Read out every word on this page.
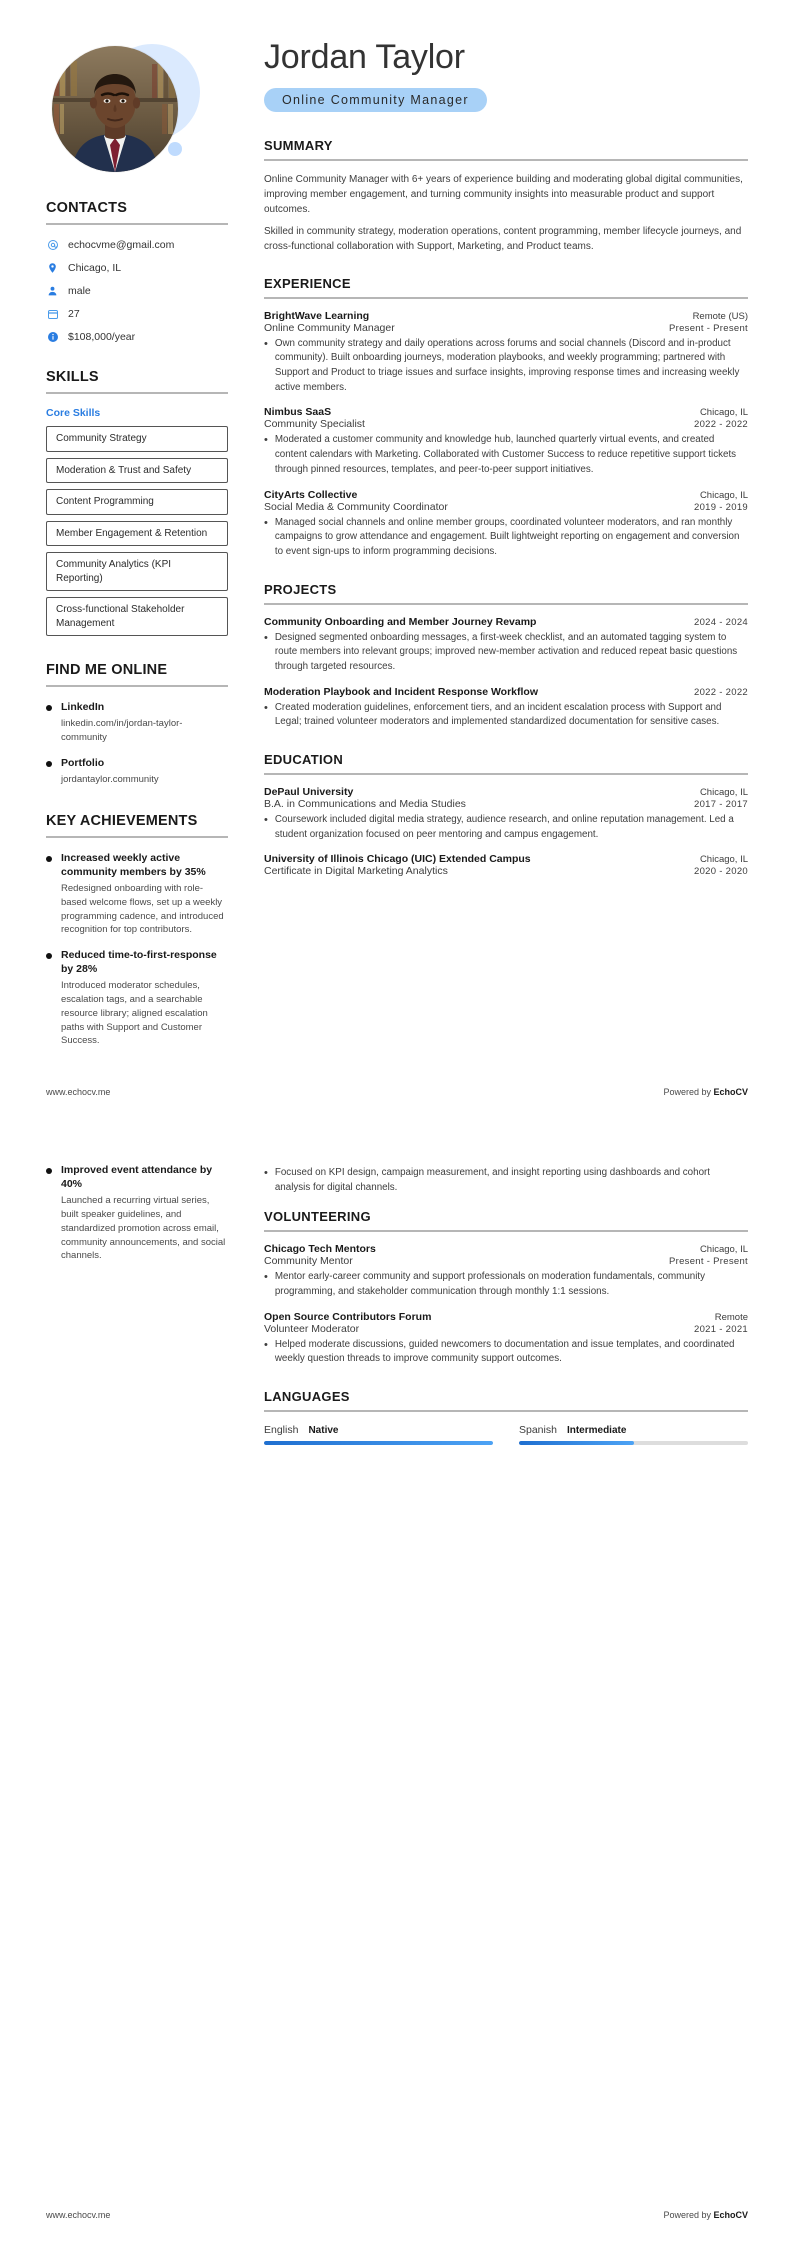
CONTACTS
echocvme@gmail.com
Chicago, IL
male
27
$108,000/year
SKILLS
Core Skills
Community Strategy
Moderation & Trust and Safety
Content Programming
Member Engagement & Retention
Community Analytics (KPI Reporting)
Cross-functional Stakeholder Management
FIND ME ONLINE
LinkedIn
linkedin.com/in/jordan-taylor-community
Portfolio
jordantaylor.community
KEY ACHIEVEMENTS
Increased weekly active community members by 35%
Redesigned onboarding with role-based welcome flows, set up a weekly programming cadence, and introduced recognition for top contributors.
Reduced time-to-first-response by 28%
Introduced moderator schedules, escalation tags, and a searchable resource library; aligned escalation paths with Support and Customer Success.
Jordan Taylor
Online Community Manager
SUMMARY
Online Community Manager with 6+ years of experience building and moderating global digital communities, improving member engagement, and turning community insights into measurable product and support outcomes.
Skilled in community strategy, moderation operations, content programming, member lifecycle journeys, and cross-functional collaboration with Support, Marketing, and Product teams.
EXPERIENCE
BrightWave Learning	Remote (US)
Online Community Manager	Present - Present
• Own community strategy and daily operations across forums and social channels (Discord and in-product community). Built onboarding journeys, moderation playbooks, and weekly programming; partnered with Support and Product to triage issues and surface insights, improving response times and increasing weekly active members.
Nimbus SaaS	Chicago, IL
Community Specialist	2022 - 2022
• Moderated a customer community and knowledge hub, launched quarterly virtual events, and created content calendars with Marketing. Collaborated with Customer Success to reduce repetitive support tickets through pinned resources, templates, and peer-to-peer support initiatives.
CityArts Collective	Chicago, IL
Social Media & Community Coordinator	2019 - 2019
• Managed social channels and online member groups, coordinated volunteer moderators, and ran monthly campaigns to grow attendance and engagement. Built lightweight reporting on engagement and conversion to event sign-ups to inform programming decisions.
PROJECTS
Community Onboarding and Member Journey Revamp	2024 - 2024
• Designed segmented onboarding messages, a first-week checklist, and an automated tagging system to route members into relevant groups; improved new-member activation and reduced repeat basic questions through targeted resources.
Moderation Playbook and Incident Response Workflow	2022 - 2022
• Created moderation guidelines, enforcement tiers, and an incident escalation process with Support and Legal; trained volunteer moderators and implemented standardized documentation for sensitive cases.
EDUCATION
DePaul University	Chicago, IL
B.A. in Communications and Media Studies	2017 - 2017
• Coursework included digital media strategy, audience research, and online reputation management. Led a student organization focused on peer mentoring and campus engagement.
University of Illinois Chicago (UIC) Extended Campus	Chicago, IL
Certificate in Digital Marketing Analytics	2020 - 2020
www.echocv.me	Powered by EchoCV
Improved event attendance by 40%
Launched a recurring virtual series, built speaker guidelines, and standardized promotion across email, community announcements, and social channels.
• Focused on KPI design, campaign measurement, and insight reporting using dashboards and cohort analysis for digital channels.
VOLUNTEERING
Chicago Tech Mentors	Chicago, IL
Community Mentor	Present - Present
• Mentor early-career community and support professionals on moderation fundamentals, community programming, and stakeholder communication through monthly 1:1 sessions.
Open Source Contributors Forum	Remote
Volunteer Moderator	2021 - 2021
• Helped moderate discussions, guided newcomers to documentation and issue templates, and coordinated weekly question threads to improve community support outcomes.
LANGUAGES
English Native	Spanish Intermediate
www.echocv.me	Powered by EchoCV
